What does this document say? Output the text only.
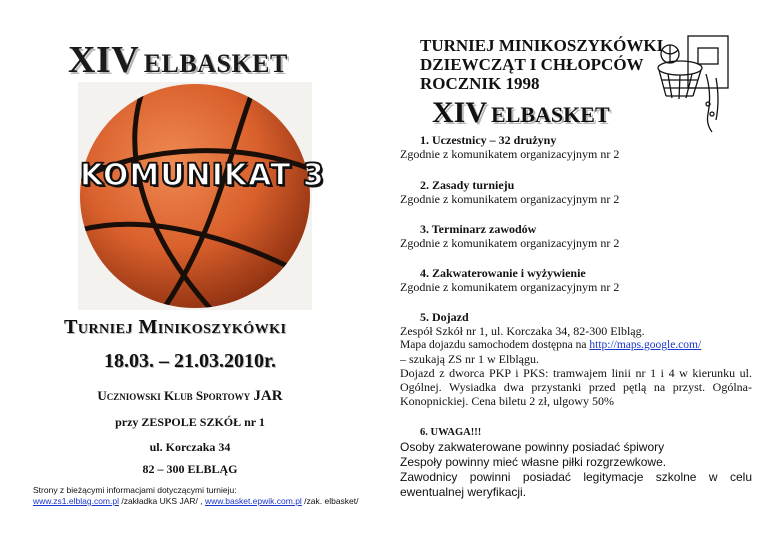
XIV ELBASKET
KOMUNIKAT 3
Turniej Minikoszykówki
18.03. – 21.03.2010r.
Uczniowski Klub Sportowy JAR
przy ZESPOLE SZKÓŁ nr 1
ul. Korczaka 34
82 – 300 ELBLĄG
Strony z bieżącymi informacjami dotyczącymi turnieju:
www.zs1.elblag.com.pl /zakładka UKS JAR/ , www.basket.epwik.com.pl /zak. elbasket/
TURNIEJ MINIKOSZYKÓWKI
DZIEWCZĄT I CHŁOPCÓW
ROCZNIK 1998
XIV ELBASKET
1. Uczestnicy – 32 drużyny

Zgodnie z komunikatem organizacyjnym nr 2

2. Zasady turnieju

Zgodnie z komunikatem organizacyjnym nr 2

3. Terminarz zawodów

Zgodnie z komunikatem organizacyjnym nr 2

4. Zakwaterowanie i wyżywienie

Zgodnie z komunikatem organizacyjnym nr 2

5. Dojazd

Zespół Szkół nr 1, ul. Korczaka 34, 82-300 Elbląg.

Mapa dojazdu samochodem dostępna na http://maps.google.com/

– szukają ZS nr 1 w Elblągu.

Dojazd z dworca PKP i PKS: tramwajem linii nr 1 i 4 w kierunku ul. Ogólnej. Wysiadka dwa przystanki przed pętlą na przyst. Ogólna-Konopnickiej. Cena biletu 2 zł, ulgowy 50%

6. UWAGA!!!
Osoby zakwaterowane powinny posiadać śpiwory
Zespoły powinny mieć własne piłki rozgrzewkowe.
Zawodnicy powinni posiadać legitymacje szkolne w celu ewentualnej weryfikacji.
